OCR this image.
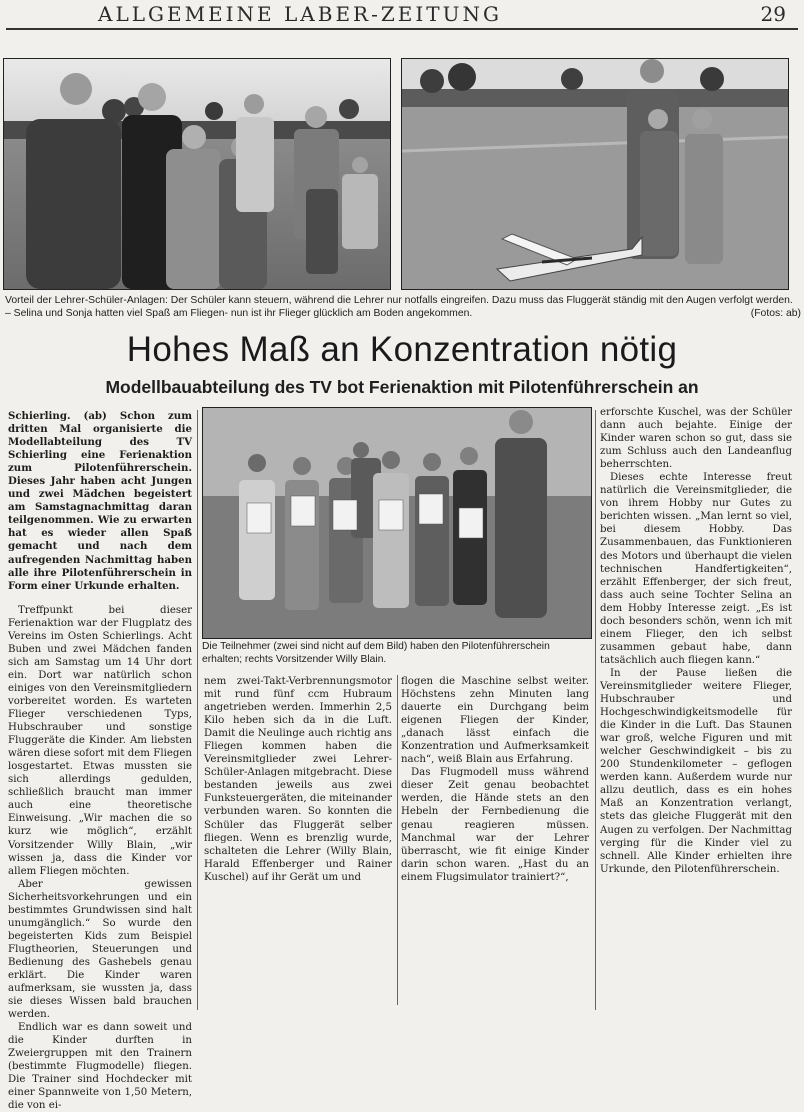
ALLGEMEINE LABER-ZEITUNG	29
Vorteil der Lehrer-Schüler-Anlagen: Der Schüler kann steuern, während die Lehrer nur notfalls eingreifen. Dazu muss das Fluggerät ständig mit den Augen verfolgt werden. – Selina und Sonja hatten viel Spaß am Fliegen- nun ist ihr Flieger glücklich am Boden angekommen.	(Fotos: ab)
Hohes Maß an Konzentration nötig
Modellbauabteilung des TV bot Ferienaktion mit Pilotenführerschein an

Schierling. (ab) Schon zum dritten Mal organisierte die Modellabteilung des TV Schierling eine Ferienaktion zum Pilotenführerschein. Dieses Jahr haben acht Jungen und zwei Mädchen begeistert am Samstagnachmittag daran teilgenommen. Wie zu erwarten hat es wieder allen Spaß gemacht und nach dem aufregenden Nachmittag haben alle ihre Pilotenführerschein in Form einer Urkunde erhalten.

Treffpunkt bei dieser Ferienaktion war der Flugplatz des Vereins im Osten Schierlings. Acht Buben und zwei Mädchen fanden sich am Samstag um 14 Uhr dort ein. Dort war natürlich schon einiges von den Vereinsmitgliedern vorbereitet worden. Es warteten Flieger verschiedenen Typs, Hubschrauber und sonstige Fluggeräte die Kinder. Am liebsten wären diese sofort mit dem Fliegen losgestartet. Etwas mussten sie sich allerdings gedulden, schließlich braucht man immer auch eine theoretische Einweisung. „Wir machen die so kurz wie möglich“, erzählt Vorsitzender Willy Blain, „wir wissen ja, dass die Kinder vor allem Fliegen möchten.

Aber gewissen Sicherheitsvorkehrungen und ein bestimmtes Grundwissen sind halt unumgänglich.“ So wurde den begeisterten Kids zum Beispiel Flugtheorien, Steuerungen und Bedienung des Gashebels genau erklärt. Die Kinder waren aufmerksam, sie wussten ja, dass sie dieses Wissen bald brauchen werden.

Endlich war es dann soweit und die Kinder durften in Zweiergruppen mit den Trainern (bestimmte Flugmodelle) fliegen. Die Trainer sind Hochdecker mit einer Spannweite von 1,50 Metern, die von ei-

Die Teilnehmer (zwei sind nicht auf dem Bild) haben den Pilotenführerschein erhalten; rechts Vorsitzender Willy Blain.

nem zwei-Takt-Verbrennungsmotor mit rund fünf ccm Hubraum angetrieben werden. Immerhin 2,5 Kilo heben sich da in die Luft. Damit die Neulinge auch richtig ans Fliegen kommen haben die Vereinsmitglieder zwei Lehrer-Schüler-Anlagen mitgebracht. Diese bestanden jeweils aus zwei Funksteuergeräten, die miteinander verbunden waren. So konnten die Schüler das Fluggerät selber fliegen. Wenn es brenzlig wurde, schalteten die Lehrer (Willy Blain, Harald Effenberger und Rainer Kuschel) auf ihr Gerät um und

flogen die Maschine selbst weiter. Höchstens zehn Minuten lang dauerte ein Durchgang beim eigenen Fliegen der Kinder, „danach lässt einfach die Konzentration und Aufmerksamkeit nach“, weiß Blain aus Erfahrung.

Das Flugmodell muss während dieser Zeit genau beobachtet werden, die Hände stets an den Hebeln der Fernbedienung die genau reagieren müssen. Manchmal war der Lehrer überrascht, wie fit einige Kinder darin schon waren. „Hast du an einem Flugsimulator trainiert?“,

erforschte Kuschel, was der Schüler dann auch bejahte. Einige der Kinder waren schon so gut, dass sie zum Schluss auch den Landeanflug beherrschten.

Dieses echte Interesse freut natürlich die Vereinsmitglieder, die von ihrem Hobby nur Gutes zu berichten wissen. „Man lernt so viel, bei diesem Hobby. Das Zusammenbauen, das Funktionieren des Motors und überhaupt die vielen technischen Handfertigkeiten“, erzählt Effenberger, der sich freut, dass auch seine Tochter Selina an dem Hobby Interesse zeigt. „Es ist doch besonders schön, wenn ich mit einem Flieger, den ich selbst zusammen gebaut habe, dann tatsächlich auch fliegen kann.“

In der Pause ließen die Vereinsmitglieder weitere Flieger, Hubschrauber und Hochgeschwindigkeitsmodelle für die Kinder in die Luft. Das Staunen war groß, welche Figuren und mit welcher Geschwindigkeit – bis zu 200 Stundenkilometer – geflogen werden kann. Außerdem wurde nur allzu deutlich, dass es ein hohes Maß an Konzentration verlangt, stets das gleiche Fluggerät mit den Augen zu verfolgen. Der Nachmittag verging für die Kinder viel zu schnell. Alle Kinder erhielten ihre Urkunde, den Pilotenführerschein.
